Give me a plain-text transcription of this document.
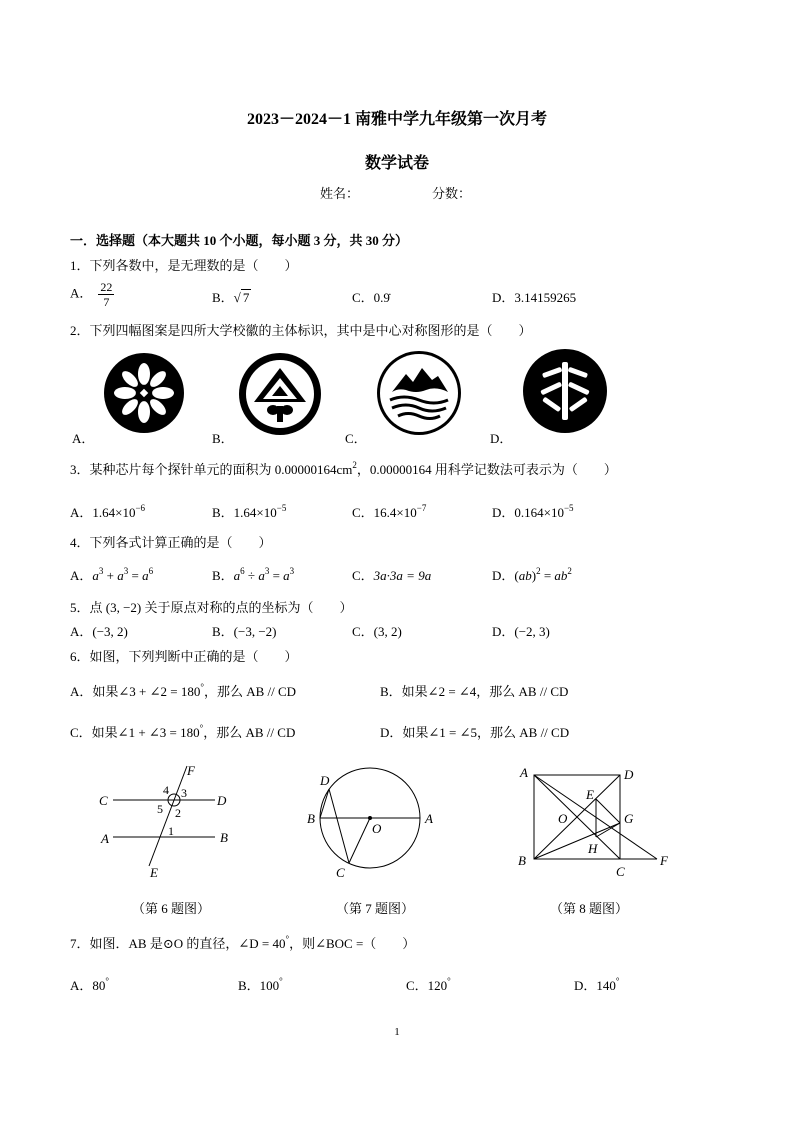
2023－2024－1 南雅中学九年级第一次月考
数学试卷
姓名：	分数：
一．选择题（本大题共 10 个小题，每小题 3 分，共 30 分）
1．下列各数中，是无理数的是（　　）
A． $\frac{22}{7}$	B．√ 7	C．0.9̇	D．3.14159265
2．下列四幅图案是四所大学校徽的主体标识，其中是中心对称图形的是（　　）
A．	B．	C．	D．
3．某种芯片每个探针单元的面积为 $0.00000164cm^2$，0.00000164 用科学记数法可表示为（　　）
A．$1.64\times 10^{-6}$	B．$1.64\times 10^{-5}$	C．$16.4\times 10^{-7}$	D．$0.164\times 10^{-5}$
4．下列各式计算正确的是（　　）
A．$a^3 + a^3 = a^6$	B．$a^6 \div a^3 = a^3$	C．3a·3a = 9a	D．$(ab)^2 = ab^2$
5．点 (3, −2) 关于原点对称的点的坐标为（　　）
A．(−3, 2)	B．(−3, −2)	C．(3, 2)	D．(−2, 3)
6．如图，下列判断中正确的是（　　）
A．如果∠3 + ∠2 = 180°，那么 AB // CD	B．如果∠2 = ∠4，那么 AB // CD
C．如果∠1 + ∠3 = 180°，那么 AB // CD	D．如果∠1 = ∠5，那么 AB // CD
F
C	D
A	B
E
4 3
5 2
1
（第 6 题图）
D
B	A
O
C
（第 7 题图）
A	D
E
O	G
H
B
C
F
（第 8 题图）
7．如图．AB 是⊙O 的直径，∠D = 40°，则∠BOC =（　　）
A．80°	B．100°	C．120°	D．140°
1
